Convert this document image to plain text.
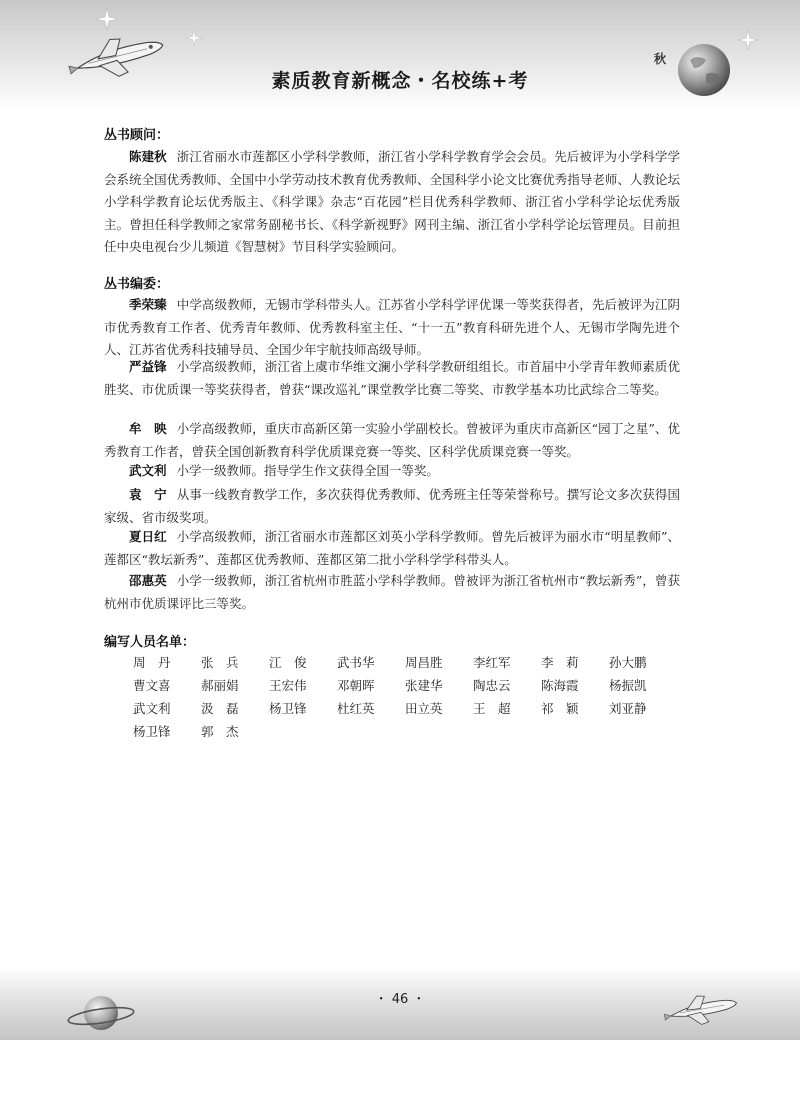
秋
素质教育新概念・名校练+考
丛书顾问：
陈建秋 浙江省丽水市莲都区小学科学教师，浙江省小学科学教育学会会员。先后被评为小学科学学会系统全国优秀教师、全国中小学劳动技术教育优秀教师、全国科学小论文比赛优秀指导老师、人教论坛小学科学教育论坛优秀版主、《科学课》杂志“百花园”栏目优秀科学教师、浙江省小学科学论坛优秀版主。曾担任科学教师之家常务副秘书长、《科学新视野》网刊主编、浙江省小学科学论坛管理员。目前担任中央电视台少儿频道《智慧树》节目科学实验顾问。
丛书编委：
季荣臻 中学高级教师，无锡市学科带头人。江苏省小学科学评优课一等奖获得者，先后被评为江阴市优秀教育工作者、优秀青年教师、优秀教科室主任、“十一五”教育科研先进个人、无锡市学陶先进个人、江苏省优秀科技辅导员、全国少年宇航技师高级导师。
严益锋 小学高级教师，浙江省上虞市华维文澜小学科学教研组组长。市首届中小学青年教师素质优胜奖、市优质课一等奖获得者，曾获“课改巡礼”课堂教学比赛二等奖、市教学基本功比武综合二等奖。
牟　映 小学高级教师，重庆市高新区第一实验小学副校长。曾被评为重庆市高新区“园丁之星”、优秀教育工作者，曾获全国创新教育科学优质课竞赛一等奖、区科学优质课竞赛一等奖。
武文利 小学一级教师。指导学生作文获得全国一等奖。
袁　宁 从事一线教育教学工作，多次获得优秀教师、优秀班主任等荣誉称号。撰写论文多次获得国家级、省市级奖项。
夏日红 小学高级教师，浙江省丽水市莲都区刘英小学科学教师。曾先后被评为丽水市“明星教师”、莲都区“教坛新秀”、莲都区优秀教师、莲都区第二批小学科学学科带头人。
邵惠英 小学一级教师，浙江省杭州市胜蓝小学科学教师。曾被评为浙江省杭州市“教坛新秀”，曾获杭州市优质课评比三等奖。
编写人员名单：
周　丹	张　兵	江　俊	武书华	周昌胜	李红军	李　莉	孙大鹏
曹文喜	郝丽娟	王宏伟	邓朝晖	张建华	陶忠云	陈海霞	杨振凯
武文利	汲　磊	杨卫锋	杜红英	田立英	王　超	祁　颖	刘亚静
杨卫锋	郭　杰
・ 46 ・
